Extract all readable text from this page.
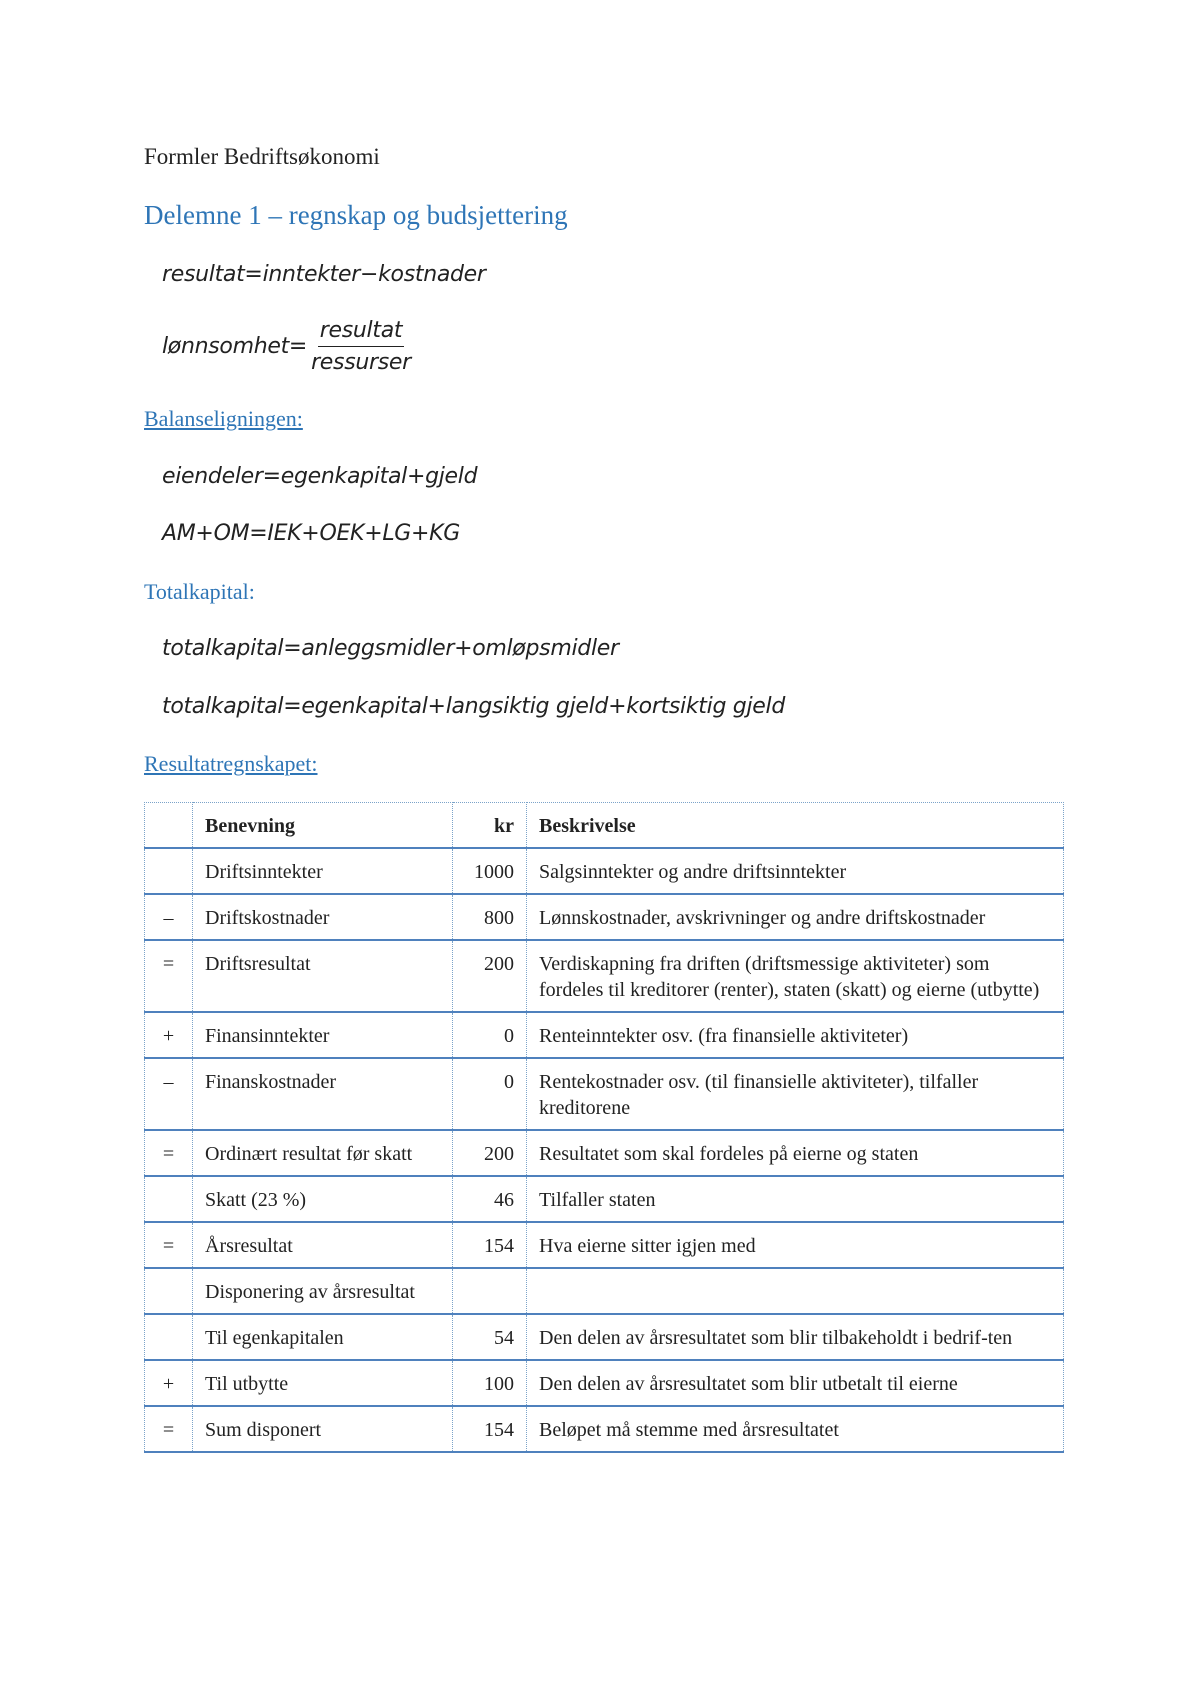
Formler Bedriftsøkonomi
Delemne 1 – regnskap og budsjettering
resultat=inntekter−kostnader
lønnsomhet= $\frac{\text{resultat}}{\text{ressurser}}$
Balanseligningen:
eiendeler=egenkapital+gjeld
AM+OM=IEK+OEK+LG+KG
Totalkapital:
totalkapital=anleggsmidler+omløpsmidler
totalkapital=egenkapital+langsiktig gjeld+kortsiktig gjeld
Resultatregnskapet:
	Benevning	kr	Beskrivelse
	Driftsinntekter	1000	Salgsinntekter og andre driftsinntekter
–	Driftskostnader	800	Lønnskostnader, avskrivninger og andre driftskostnader
=	Driftsresultat	200	Verdiskapning fra driften (driftsmessige aktiviteter) som fordeles til kreditorer (renter), staten (skatt) og eierne (utbytte)
+	Finansinntekter	0	Renteinntekter osv. (fra finansielle aktiviteter)
–	Finanskostnader	0	Rentekostnader osv. (til finansielle aktiviteter), tilfaller kreditorene
=	Ordinært resultat før skatt	200	Resultatet som skal fordeles på eierne og staten
	Skatt (23 %)	46	Tilfaller staten
=	Årsresultat	154	Hva eierne sitter igjen med
	Disponering av årsresultat		
	Til egenkapitalen	54	Den delen av årsresultatet som blir tilbakeholdt i bedrif-ten
+	Til utbytte	100	Den delen av årsresultatet som blir utbetalt til eierne
=	Sum disponert	154	Beløpet må stemme med årsresultatet
